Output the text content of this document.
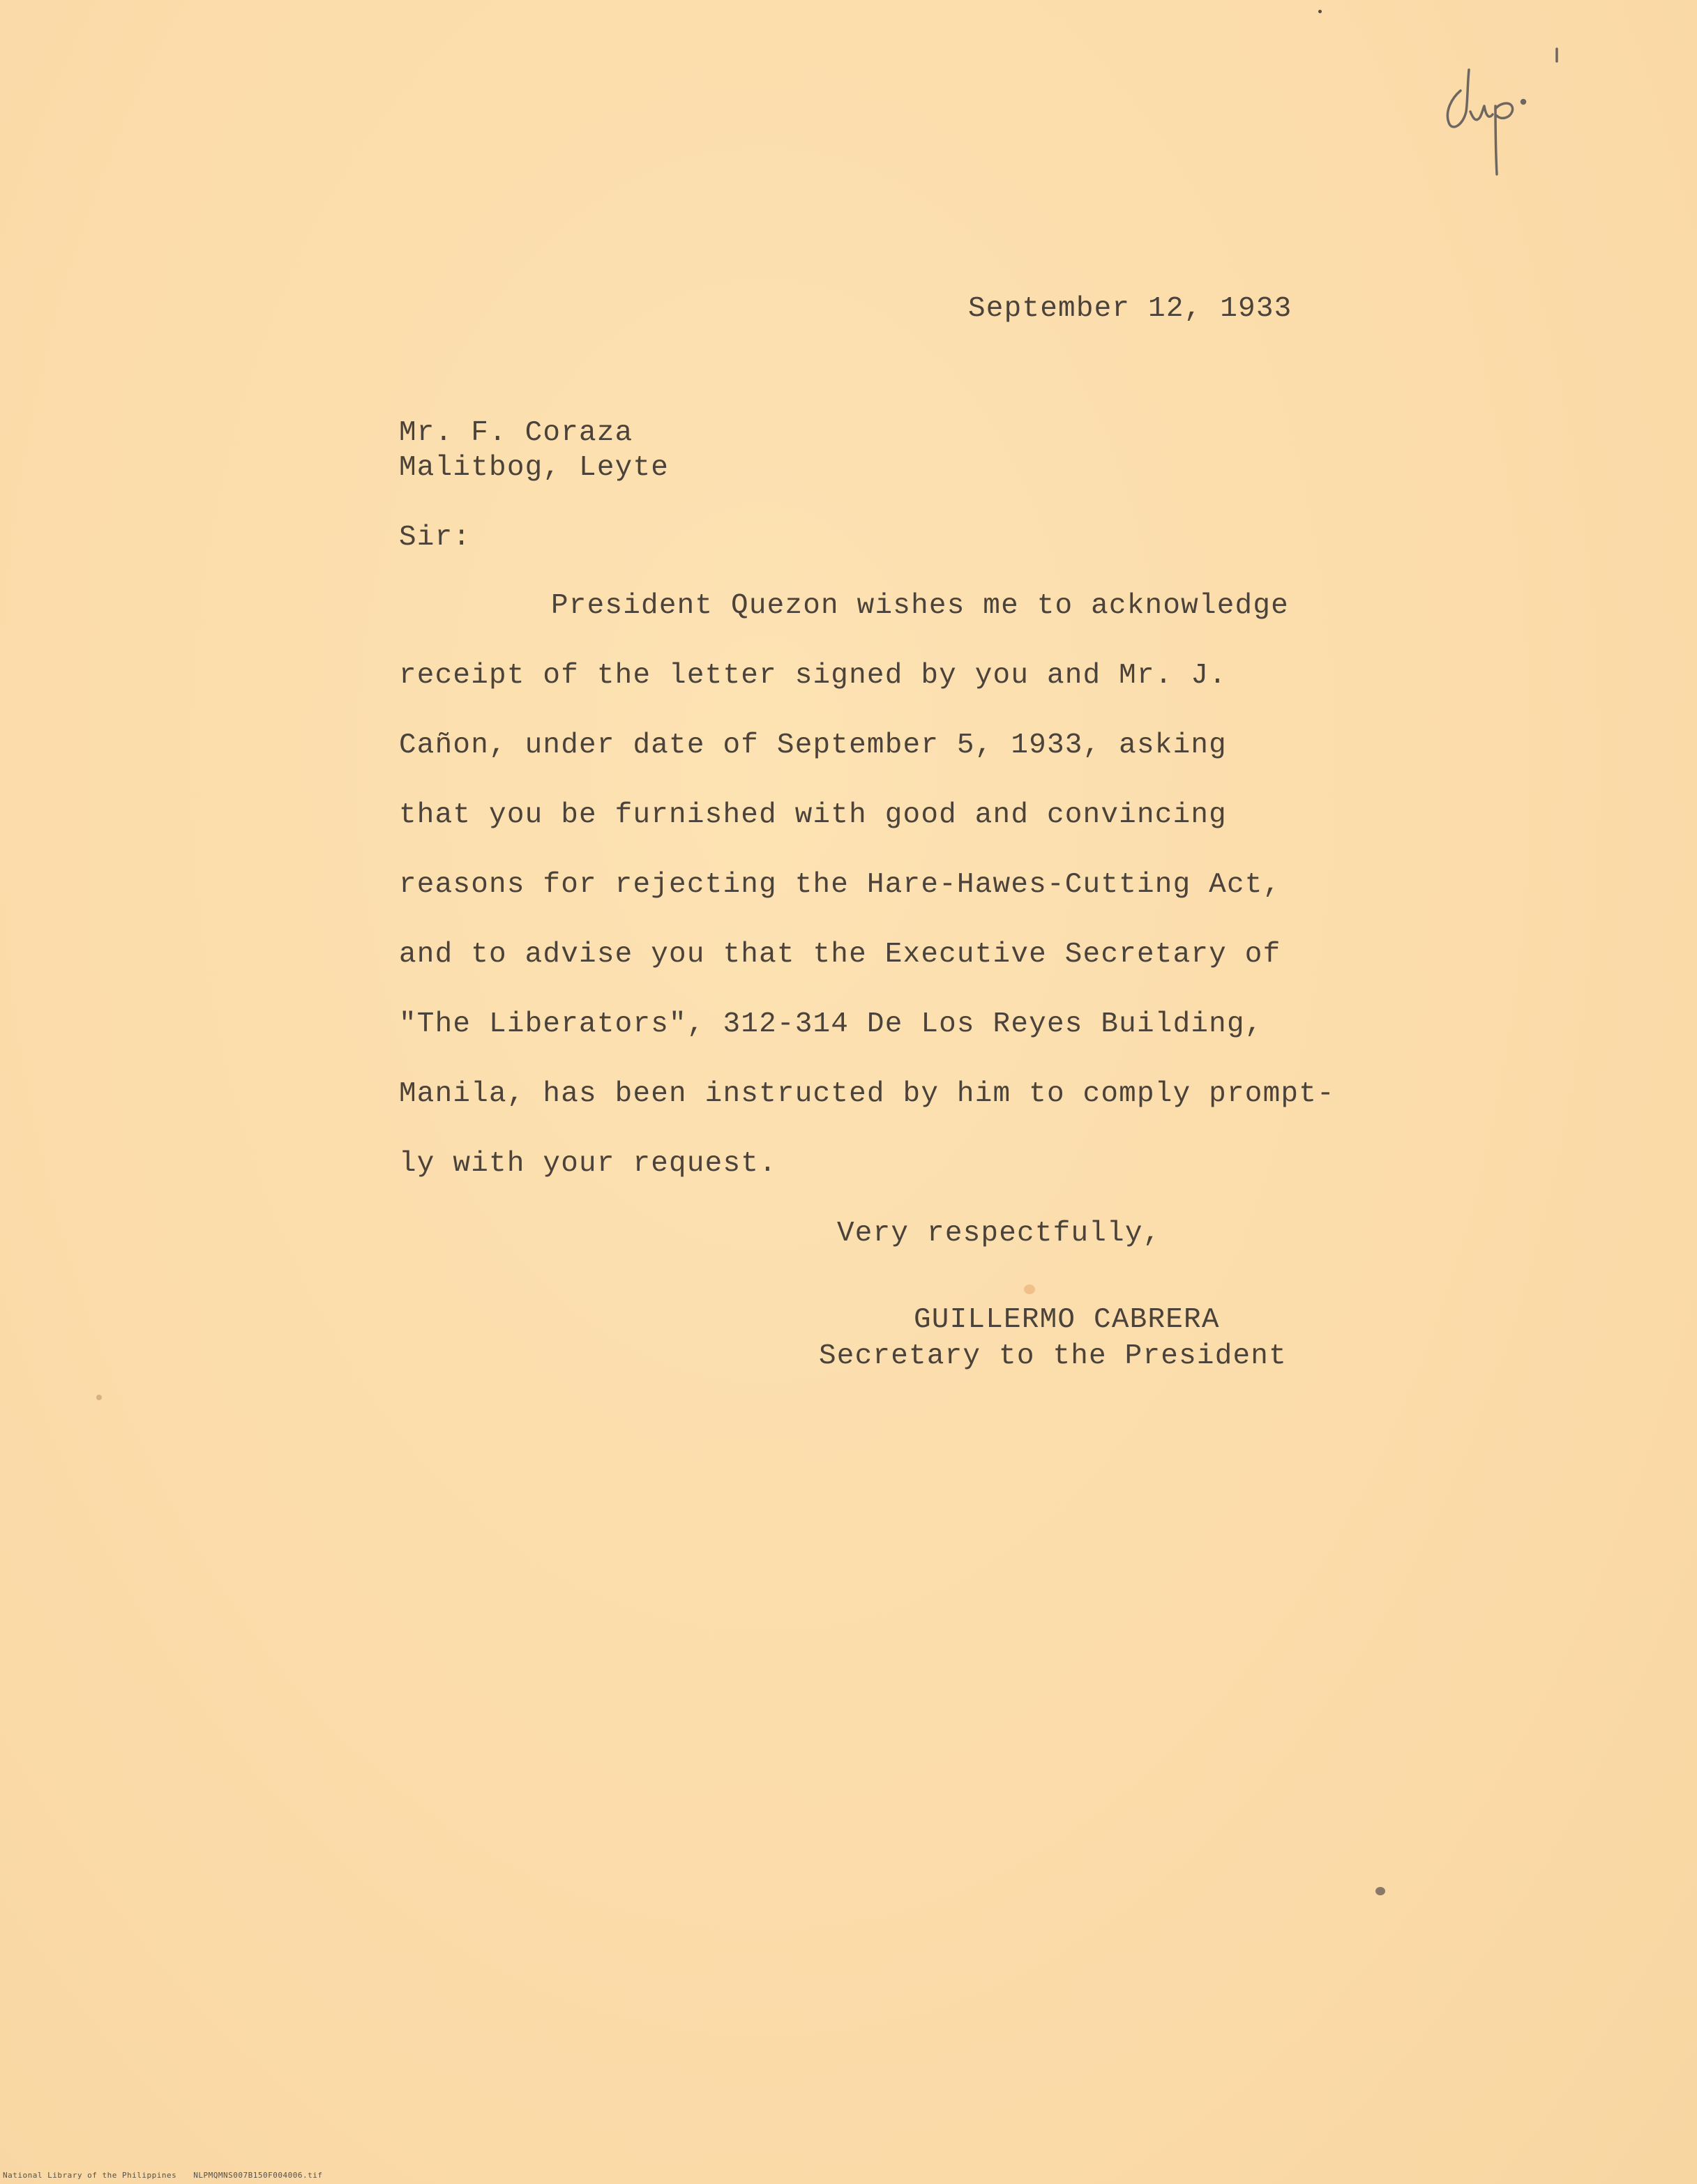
September 12, 1933
Mr. F. Coraza
Malitbog, Leyte
Sir:
President Quezon wishes me to acknowledge
receipt of the letter signed by you and Mr. J.
Cañon, under date of September 5, 1933, asking
that you be furnished with good and convincing
reasons for rejecting the Hare-Hawes-Cutting Act,
and to advise you that the Executive Secretary of
"The Liberators", 312-314 De Los Reyes Building,
Manila, has been instructed by him to comply prompt-
ly with your request.
Very respectfully,
GUILLERMO CABRERA
Secretary to the President
National Library of the Philippines NLPMQMNS007B150F004006.tif
